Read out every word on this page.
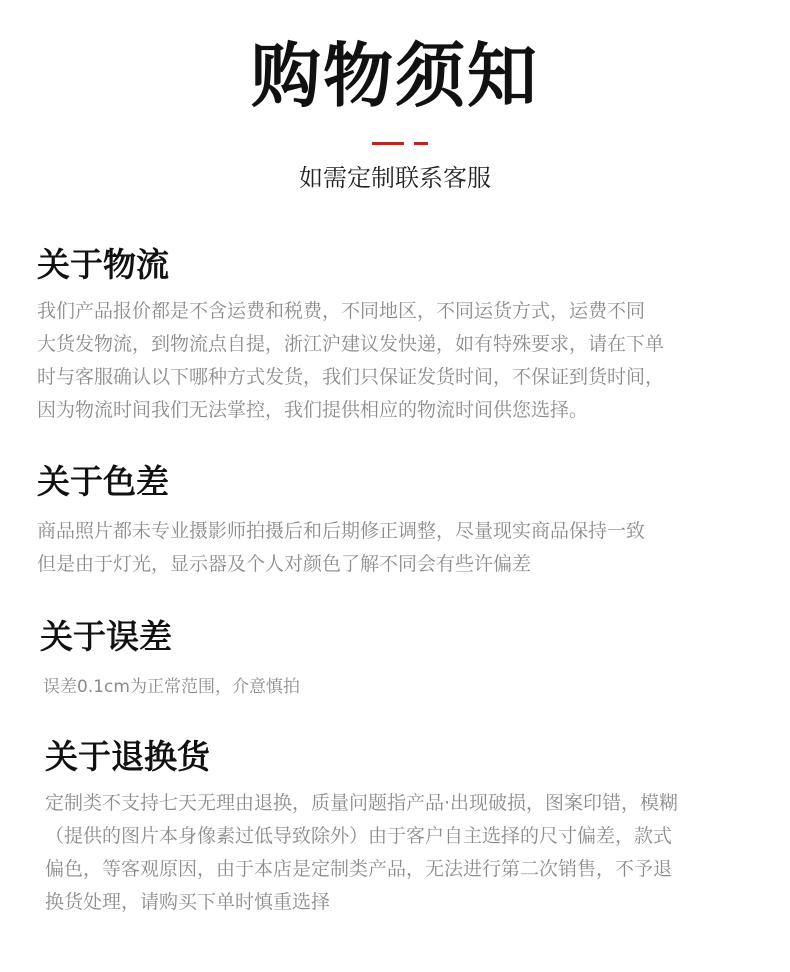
购物须知
如需定制联系客服
关于物流

我们产品报价都是不含运费和税费，不同地区，不同运货方式，运费不同
大货发物流，到物流点自提，浙江沪建议发快递，如有特殊要求，请在下单
时与客服确认以下哪种方式发货，我们只保证发货时间，不保证到货时间，
因为物流时间我们无法掌控，我们提供相应的物流时间供您选择。

关于色差

商品照片都未专业摄影师拍摄后和后期修正调整，尽量现实商品保持一致
但是由于灯光，显示器及个人对颜色了解不同会有些许偏差

关于误差

误差0.1cm为正常范围，介意慎拍

关于退换货

定制类不支持七天无理由退换，质量问题指产品·出现破损，图案印错，模糊
（提供的图片本身像素过低导致除外）由于客户自主选择的尺寸偏差，款式
偏色，等客观原因，由于本店是定制类产品，无法进行第二次销售，不予退
换货处理，请购买下单时慎重选择
